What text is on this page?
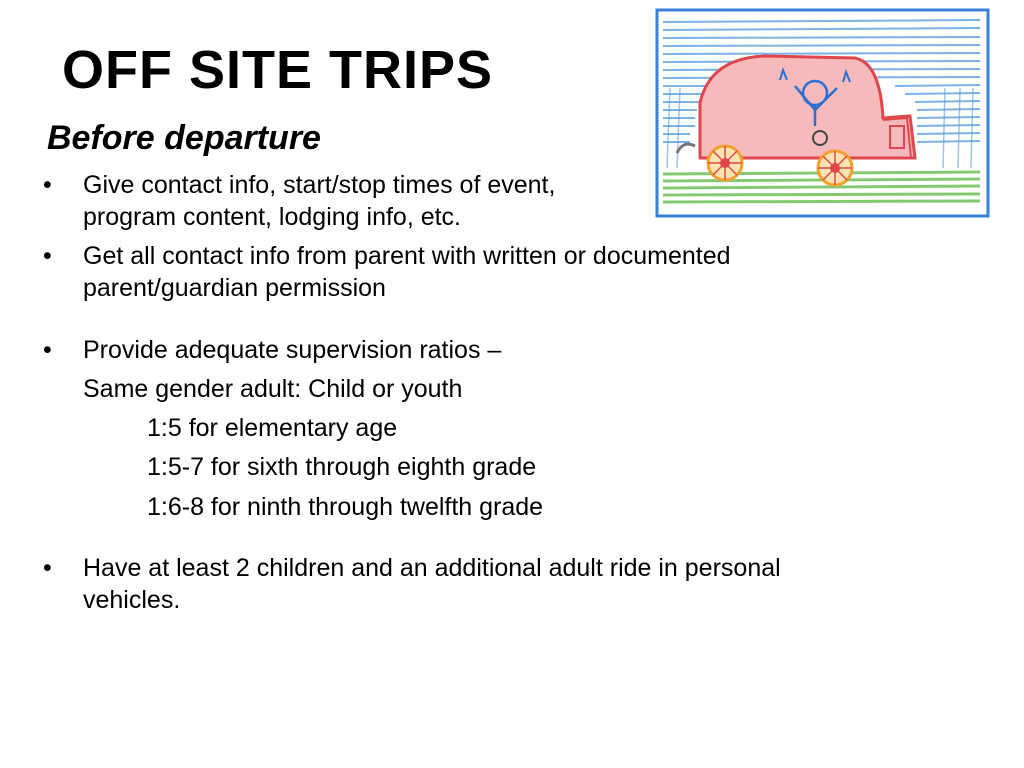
OFF SITE TRIPS
Before departure
• Give contact info, start/stop times of event,
program content, lodging info, etc.
• Get all contact info from parent with written or documented
parent/guardian permission
• Provide adequate supervision ratios –
Same gender adult: Child or youth
1:5 for elementary age
1:5-7 for sixth through eighth grade
1:6-8 for ninth through twelfth grade
• Have at least 2 children and an additional adult ride in personal
vehicles.
